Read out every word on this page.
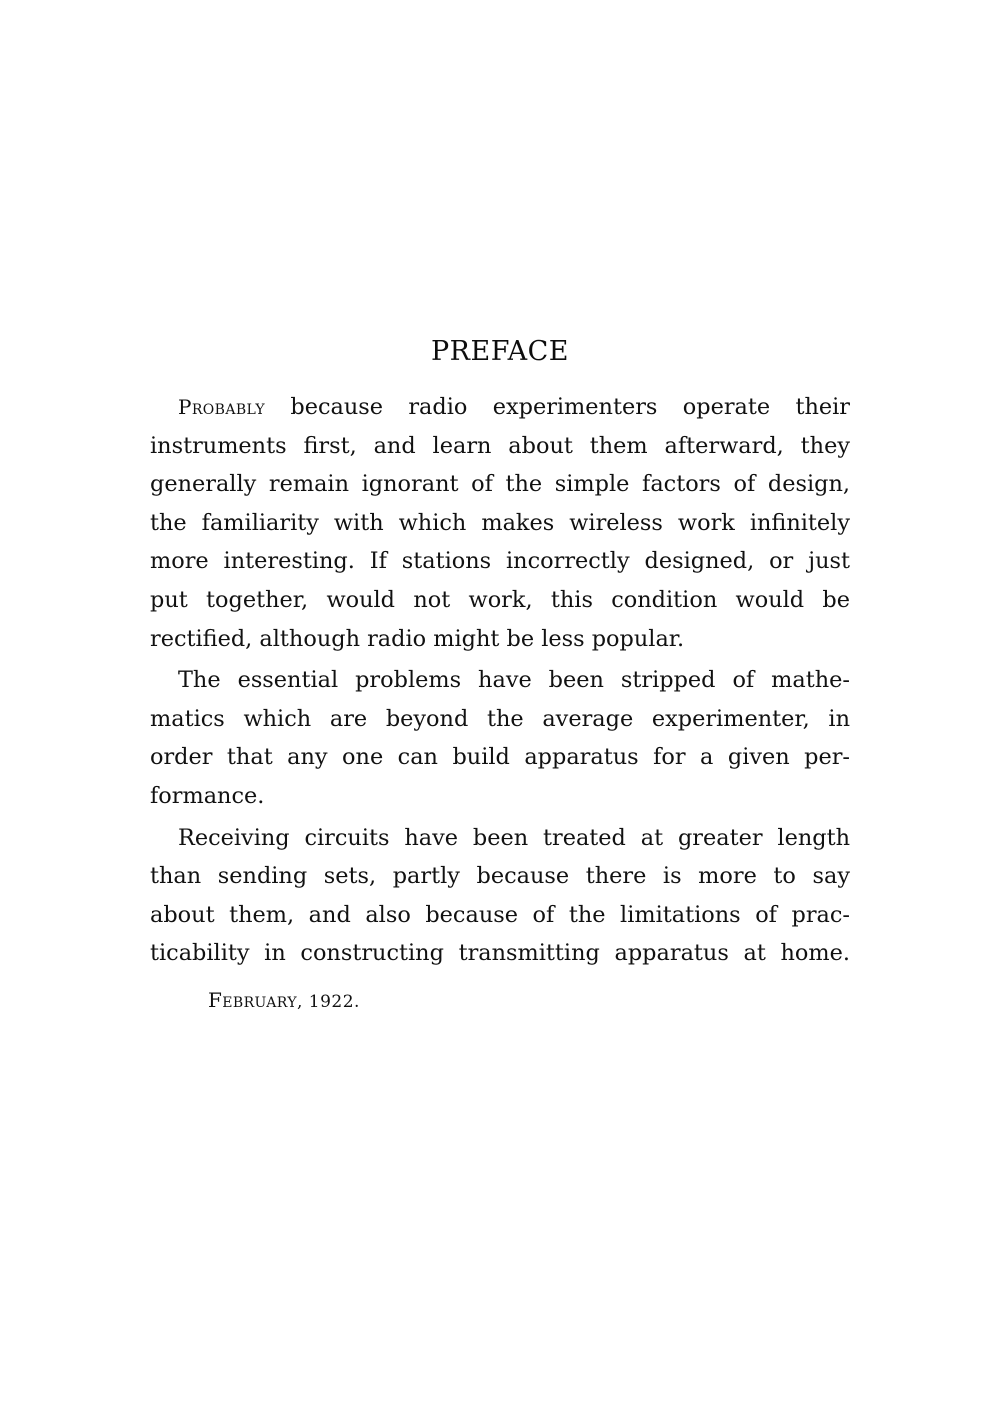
PREFACE

Probably because radio experimenters operate their
instruments first, and learn about them afterward, they
generally remain ignorant of the simple factors of design,
the familiarity with which makes wireless work infinitely
more interesting. If stations incorrectly designed, or just
put together, would not work, this condition would be
rectified, although radio might be less popular.

The essential problems have been stripped of mathe-
matics which are beyond the average experimenter, in
order that any one can build apparatus for a given per-
formance.

Receiving circuits have been treated at greater length
than sending sets, partly because there is more to say
about them, and also because of the limitations of prac-
ticability in constructing transmitting apparatus at home.

February, 1922.
